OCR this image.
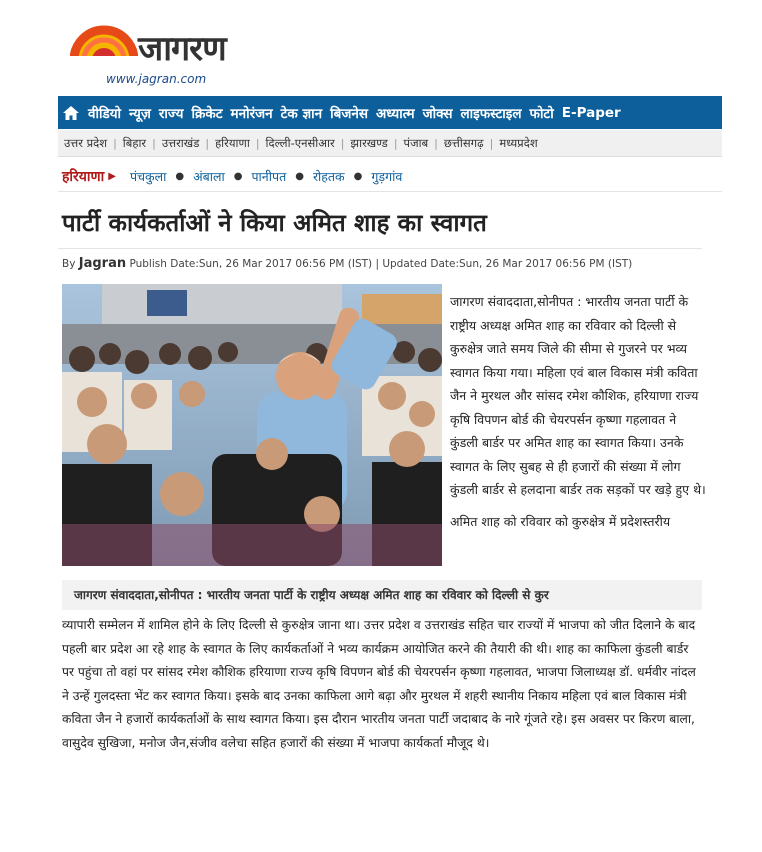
जागरण
www.jagran.com
वीडियो न्यूज़ राज्य क्रिकेट मनोरंजन टेक ज्ञान बिजनेस अध्यात्म जोक्स लाइफस्टाइल फोटो E-Paper
उत्तर प्रदेश | बिहार | उत्तराखंड | हरियाणा | दिल्ली-एनसीआर | झारखण्ड | पंजाब | छत्तीसगढ़ | मध्यप्रदेश
हरियाणा ▶ पंचकुला ● अंबाला ● पानीपत ● रोहतक ● गुड़गांव
पार्टी कार्यकर्ताओं ने किया अमित शाह का स्वागत
By Jagran Publish Date:Sun, 26 Mar 2017 06:56 PM (IST) | Updated Date:Sun, 26 Mar 2017 06:56 PM (IST)

जागरण संवाददाता,सोनीपत : भारतीय जनता पार्टी के राष्ट्रीय अध्यक्ष अमित शाह का रविवार को दिल्ली से कुरुक्षेत्र जाते समय जिले की सीमा से गुजरने पर भव्य स्वागत किया गया। महिला एवं बाल विकास मंत्री कविता जैन ने मुरथल और सांसद रमेश कौशिक, हरियाणा राज्य कृषि विपणन बोर्ड की चेयरपर्सन कृष्णा गहलावत ने कुंडली बार्डर पर अमित शाह का स्वागत किया। उनके स्वागत के लिए सुबह से ही हजारों की संख्या में लोग कुंडली बार्डर से हलदाना बार्डर तक सड़कों पर खड़े हुए थे।

अमित शाह को रविवार को कुरुक्षेत्र में प्रदेशस्तरीय

जागरण संवाददाता,सोनीपत : भारतीय जनता पार्टी के राष्ट्रीय अध्यक्ष अमित शाह का रविवार को दिल्ली से कुर
व्यापारी सम्मेलन में शामिल होने के लिए दिल्ली से कुरुक्षेत्र जाना था। उत्तर प्रदेश व उत्तराखंड सहित चार राज्यों में भाजपा को जीत दिलाने के बाद पहली बार प्रदेश आ रहे शाह के स्वागत के लिए कार्यकर्ताओं ने भव्य कार्यक्रम आयोजित करने की तैयारी की थी। शाह का काफिला कुंडली बार्डर पर पहुंचा तो वहां पर सांसद रमेश कौशिक हरियाणा राज्य कृषि विपणन बोर्ड की चेयरपर्सन कृष्णा गहलावत, भाजपा जिलाध्यक्ष डॉ. धर्मवीर नांदल ने उन्हें गुलदस्ता भेंट कर स्वागत किया। इसके बाद उनका काफिला आगे बढ़ा और मुरथल में शहरी स्थानीय निकाय महिला एवं बाल विकास मंत्री कविता जैन ने हजारों कार्यकर्ताओं के साथ स्वागत किया। इस दौरान भारतीय जनता पार्टी जदाबाद के नारे गूंजते रहे। इस अवसर पर किरण बाला, वासुदेव सुखिजा, मनोज जैन,संजीव वलेचा सहित हजारों की संख्या में भाजपा कार्यकर्ता मौजूद थे।
